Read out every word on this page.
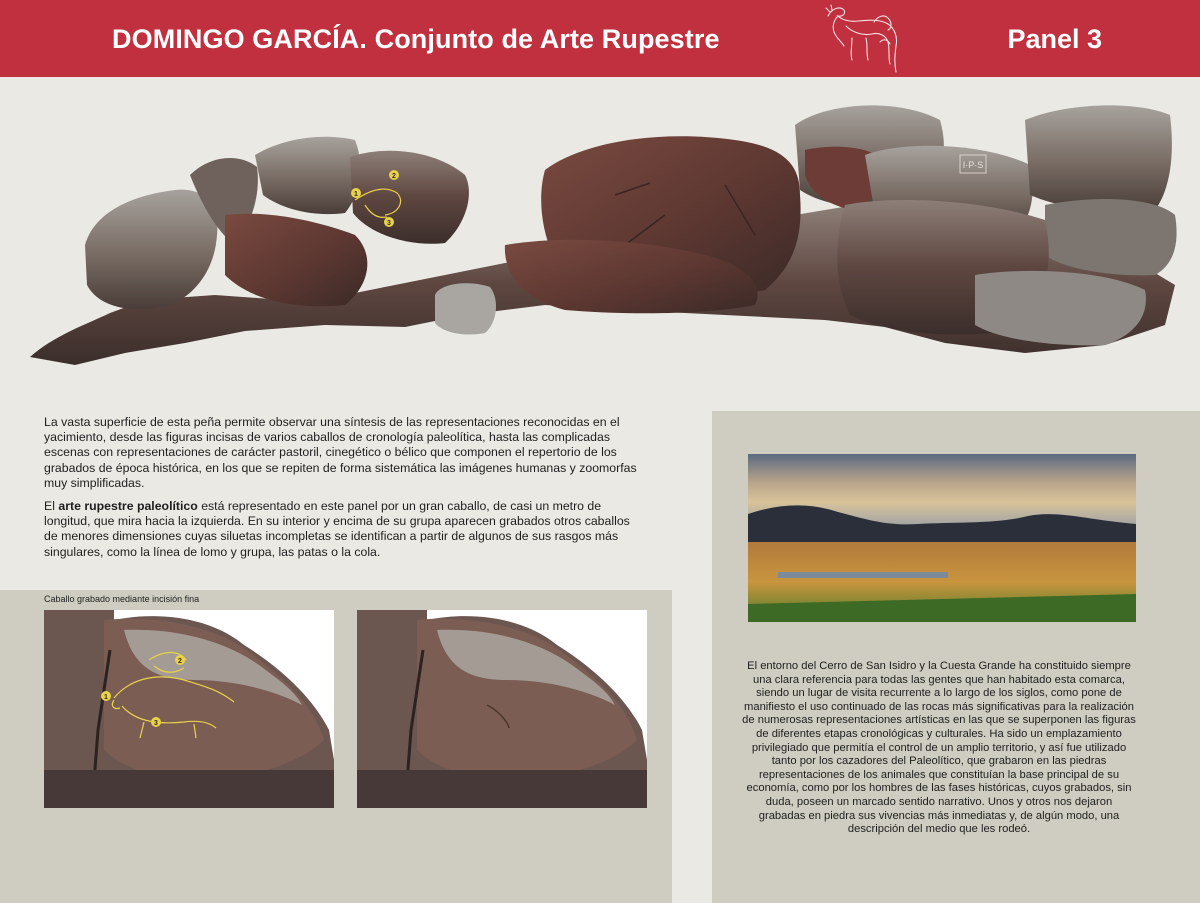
DOMINGO GARCÍA. Conjunto de Arte Rupestre	Panel 3
I·P·S
1
2
3

La vasta superficie de esta peña permite observar una síntesis de las representaciones reconocidas en el yacimiento, desde las figuras incisas de varios caballos de cronología paleolítica, hasta las complicadas escenas con representaciones de carácter pastoril, cinegético o bélico que componen el repertorio de los grabados de época histórica, en los que se repiten de forma sistemática las imágenes humanas y zoomorfas muy simplificadas.

El arte rupestre paleolítico está representado en este panel por un gran caballo, de casi un metro de longitud, que mira hacia la izquierda. En su interior y encima de su grupa aparecen grabados otros caballos de menores dimensiones cuyas siluetas incompletas se identifican a partir de algunos de sus rasgos más singulares, como la línea de lomo y grupa, las patas o la cola.

Caballo grabado mediante incisión fina
1
2
3

El entorno del Cerro de San Isidro y la Cuesta Grande ha constituido siempre una clara referencia para todas las gentes que han habitado esta comarca, siendo un lugar de visita recurrente a lo largo de los siglos, como pone de manifiesto el uso continuado de las rocas más significativas para la realización de numerosas representaciones artísticas en las que se superponen las figuras de diferentes etapas cronológicas y culturales. Ha sido un emplazamiento privilegiado que permitía el control de un amplio territorio, y así fue utilizado tanto por los cazadores del Paleolítico, que grabaron en las piedras representaciones de los animales que constituían la base principal de su economía, como por los hombres de las fases históricas, cuyos grabados, sin duda, poseen un marcado sentido narrativo. Unos y otros nos dejaron grabadas en piedra sus vivencias más inmediatas y, de algún modo, una descripción del medio que les rodeó.
